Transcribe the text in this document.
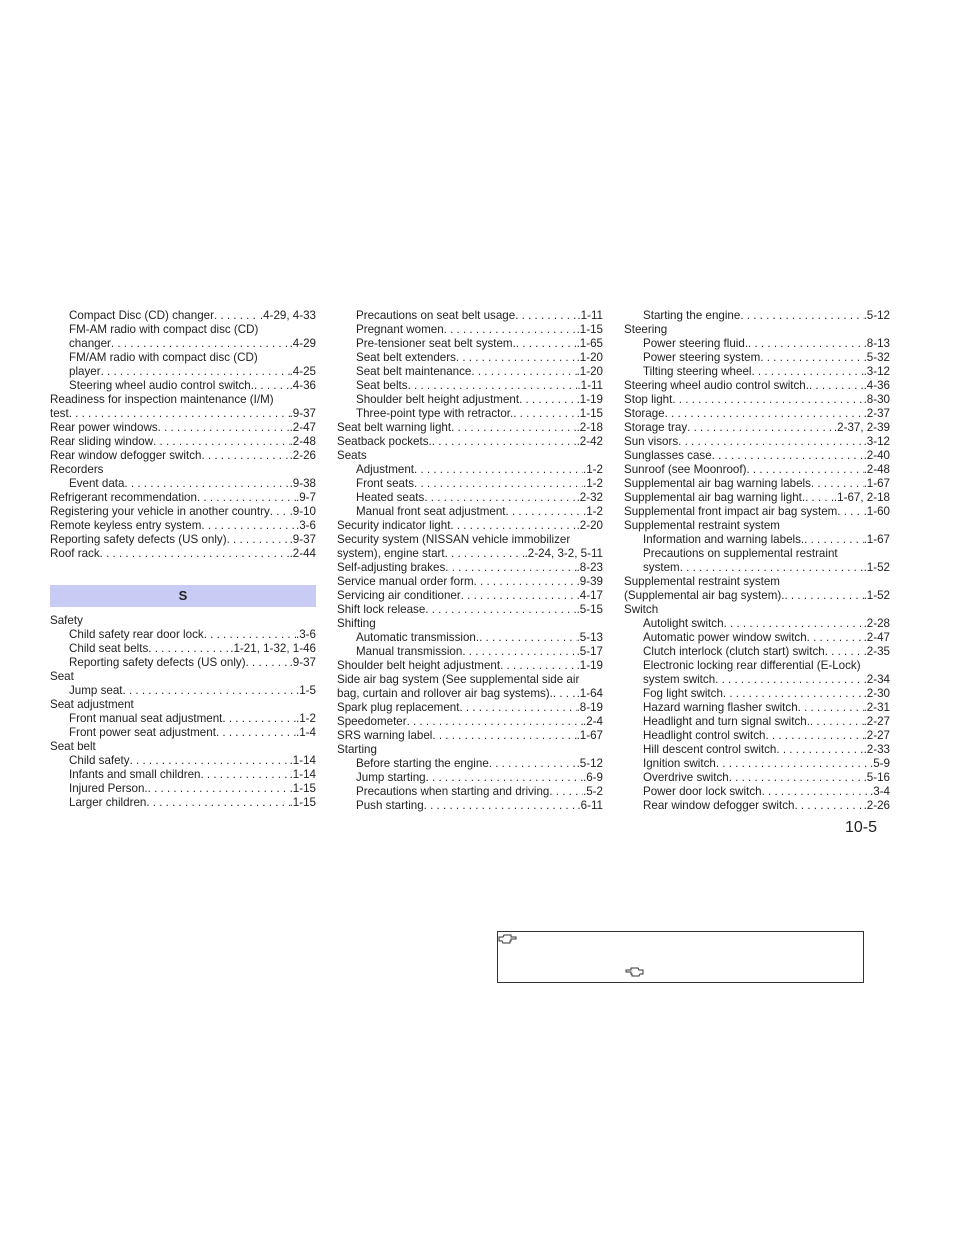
Compact Disc (CD) changer . . .	.4-29, 4-33
FM-AM radio with compact disc (CD)
changer . . .	.4-29
FM/AM radio with compact disc (CD)
player . . .	.4-25
Steering wheel audio control switch. . . .	.4-36
Readiness for inspection maintenance (I/M)
test . . .	.9-37
Rear power windows . . .	.2-47
Rear sliding window . . .	.2-48
Rear window defogger switch . . .	.2-26
Recorders
Event data . . .	.9-38
Refrigerant recommendation . . .	.9-7
Registering your vehicle in another country . . . .9-10
Remote keyless entry system . . .	.3-6
Reporting safety defects (US only) . . .	.9-37
Roof rack . . .	.2-44
S
Safety
Child safety rear door lock . . .	.3-6
Child seat belts . . .	.1-21, 1-32, 1-46
Reporting safety defects (US only) . . .	.9-37
Seat
Jump seat . . .	.1-5
Seat adjustment
Front manual seat adjustment . . .	.1-2
Front power seat adjustment . . .	.1-4
Seat belt
Child safety . . .	.1-14
Infants and small children . . .	.1-14
Injured Person. . . .	.1-15
Larger children . . .	.1-15
Precautions on seat belt usage . . .	.1-11
Pregnant women . . .	.1-15
Pre-tensioner seat belt system. . . .	.1-65
Seat belt extenders . . .	.1-20
Seat belt maintenance . . .	.1-20
Seat belts . . .	.1-11
Shoulder belt height adjustment . . .	.1-19
Three-point type with retractor. . . .	.1-15
Seat belt warning light . . .	.2-18
Seatback pockets. . . .	.2-42
Seats
Adjustment . . .	.1-2
Front seats . . .	.1-2
Heated seats . . .	.2-32
Manual front seat adjustment . . .	.1-2
Security indicator light . . .	.2-20
Security system (NISSAN vehicle immobilizer
system), engine start . . .	.2-24, 3-2, 5-11
Self-adjusting brakes . . .	.8-23
Service manual order form . . .	.9-39
Servicing air conditioner . . .	.4-17
Shift lock release . . .	.5-15
Shifting
Automatic transmission. . . .	.5-13
Manual transmission . . .	.5-17
Shoulder belt height adjustment . . .	.1-19
Side air bag system (See supplemental side air
bag, curtain and rollover air bag systems). . . . .1-64
Spark plug replacement . . .	.8-19
Speedometer . . .	.2-4
SRS warning label . . .	.1-67
Starting
Before starting the engine . . .	.5-12
Jump starting . . .	.6-9
Precautions when starting and driving . . .	.5-2
Push starting . . .	.6-11
Starting the engine . . .	.5-12
Steering
Power steering fluid. . . .	.8-13
Power steering system . . .	.5-32
Tilting steering wheel . . .	.3-12
Steering wheel audio control switch. . . .	.4-36
Stop light . . .	.8-30
Storage . . .	.2-37
Storage tray . . .	.2-37, 2-39
Sun visors . . .	.3-12
Sunglasses case . . .	.2-40
Sunroof (see Moonroof) . . .	.2-48
Supplemental air bag warning labels . . .	.1-67
Supplemental air bag warning light. . . . .1-67, 2-18
Supplemental front impact air bag system . . . .1-60
Supplemental restraint system
Information and warning labels. . . .	.1-67
Precautions on supplemental restraint
system . . .	.1-52
Supplemental restraint system
(Supplemental air bag system). . . .	.1-52
Switch
Autolight switch . . .	.2-28
Automatic power window switch . . .	.2-47
Clutch interlock (clutch start) switch . . .	.2-35
Electronic locking rear differential (E-Lock)
system switch . . .	.2-34
Fog light switch . . .	.2-30
Hazard warning flasher switch . . .	.2-31
Headlight and turn signal switch. . . .	.2-27
Headlight control switch . . .	.2-27
Hill descent control switch . . .	.2-33
Ignition switch . . .	.5-9
Overdrive switch . . .	.5-16
Power door lock switch . . .	.3-4
Rear window defogger switch . . .	.2-26
10-5
